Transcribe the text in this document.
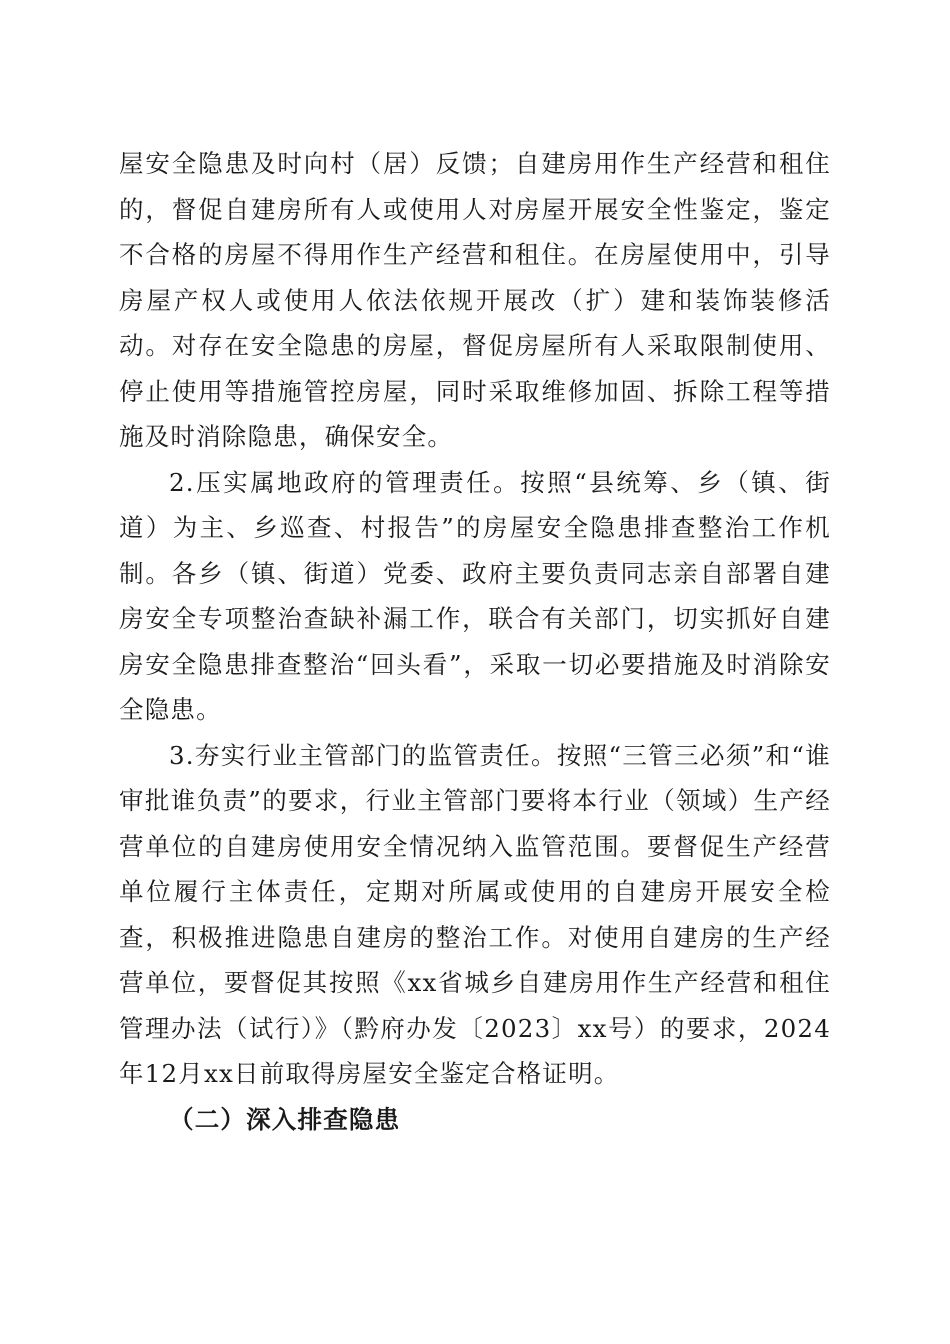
屋安全隐患及时向村（居）反馈；自建房用作生产经营和租住的，督促自建房所有人或使用人对房屋开展安全性鉴定，鉴定不合格的房屋不得用作生产经营和租住。在房屋使用中，引导房屋产权人或使用人依法依规开展改（扩）建和装饰装修活动。对存在安全隐患的房屋，督促房屋所有人采取限制使用、停止使用等措施管控房屋，同时采取维修加固、拆除工程等措施及时消除隐患，确保安全。

2.压实属地政府的管理责任。按照“县统筹、乡（镇、街道）为主、乡巡查、村报告”的房屋安全隐患排查整治工作机制。各乡（镇、街道）党委、政府主要负责同志亲自部署自建房安全专项整治查缺补漏工作，联合有关部门，切实抓好自建房安全隐患排查整治“回头看”，采取一切必要措施及时消除安全隐患。

3.夯实行业主管部门的监管责任。按照“三管三必须”和“谁审批谁负责”的要求，行业主管部门要将本行业（领域）生产经营单位的自建房使用安全情况纳入监管范围。要督促生产经营单位履行主体责任，定期对所属或使用的自建房开展安全检查，积极推进隐患自建房的整治工作。对使用自建房的生产经营单位，要督促其按照《xx省城乡自建房用作生产经营和租住管理办法（试行）》（黔府办发〔2023〕xx号）的要求，2024年12月xx日前取得房屋安全鉴定合格证明。

（二）深入排查隐患
